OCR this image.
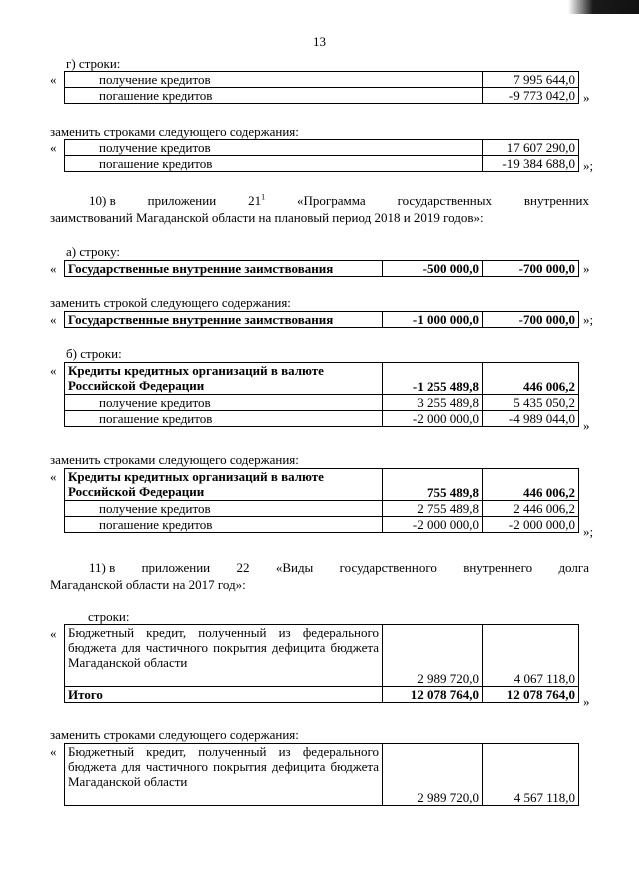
13
г) строки:
«	получение кредитов	7 995 644,0
погашение кредитов	-9 773 042,0 »
заменить строками следующего содержания:
«	получение кредитов	17 607 290,0
погашение кредитов	-19 384 688,0 »;
10) в приложении $21^1$ «Программа государственных внутренних
заимствований Магаданской области на плановый период 2018 и 2019 годов»:
а) строку:
« Государственные внутренние заимствования	-500 000,0	-700 000,0 »
заменить строкой следующего содержания:
« Государственные внутренние заимствования	-1 000 000,0	-700 000,0 »;
б) строки:
« Кредиты кредитных организаций в валюте
Российской Федерации	-1 255 489,8	446 006,2
получение кредитов	3 255 489,8	5 435 050,2
погашение кредитов	-2 000 000,0	-4 989 044,0 »
заменить строками следующего содержания:
« Кредиты кредитных организаций в валюте
Российской Федерации	755 489,8	446 006,2
получение кредитов	2 755 489,8	2 446 006,2
погашение кредитов	-2 000 000,0	-2 000 000,0 »;
11) в приложении 22 «Виды государственного внутреннего долга
Магаданской области на 2017 год»:
строки:
« Бюджетный кредит, полученный из федерального бюджета для частичного покрытия дефицита бюджета Магаданской области	2 989 720,0	4 067 118,0
Итого	12 078 764,0	12 078 764,0 »
заменить строками следующего содержания:
« Бюджетный кредит, полученный из федерального бюджета для частичного покрытия дефицита бюджета Магаданской области	2 989 720,0	4 567 118,0
